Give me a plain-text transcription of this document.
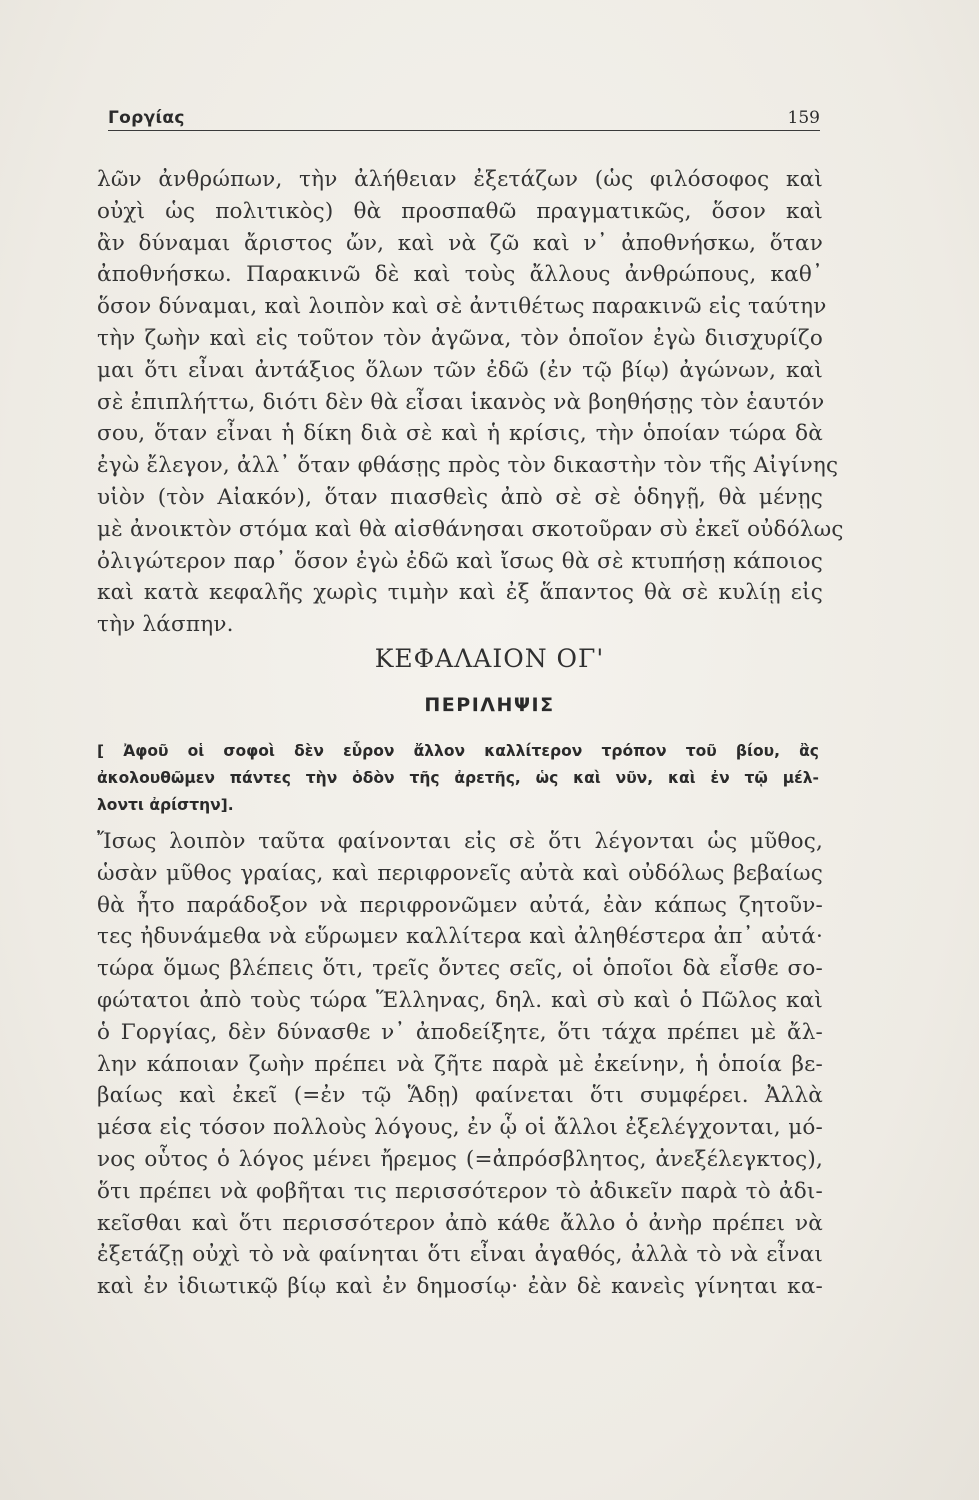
Γοργίας	159
λῶν ἀνθρώπων, τὴν ἀλήθειαν ἐξετάζων (ὡς φιλόσοφος καὶ
οὐχὶ ὡς πολιτικὸς) θὰ προσπαθῶ πραγματικῶς, ὅσον καὶ
ἂν δύναμαι ἄριστος ὤν, καὶ νὰ ζῶ καὶ ν᾽ ἀποθνήσκω, ὅταν
ἀποθνήσκω. Παρακινῶ δὲ καὶ τοὺς ἄλλους ἀνθρώπους, καθ᾽
ὅσον δύναμαι, καὶ λοιπὸν καὶ σὲ ἀντιθέτως παρακινῶ εἰς ταύτην
τὴν ζωὴν καὶ εἰς τοῦτον τὸν ἀγῶνα, τὸν ὁποῖον ἐγὼ διισχυρίζο
μαι ὅτι εἶναι ἀντάξιος ὅλων τῶν ἐδῶ (ἐν τῷ βίῳ) ἀγώνων, καὶ
σὲ ἐπιπλήττω, διότι δὲν θὰ εἶσαι ἱκανὸς νὰ βοηθήσῃς τὸν ἑαυτόν
σου, ὅταν εἶναι ἡ δίκη διὰ σὲ καὶ ἡ κρίσις, τὴν ὁποίαν τώρα δὰ
ἐγὼ ἔλεγον, ἀλλ᾽ ὅταν φθάσῃς πρὸς τὸν δικαστὴν τὸν τῆς Αἰγίνης
υἱὸν (τὸν Αἰακόν), ὅταν πιασθεὶς ἀπὸ σὲ σὲ ὁδηγῇ, θὰ μένῃς
μὲ ἀνοικτὸν στόμα καὶ θὰ αἰσθάνησαι σκοτοῦραν σὺ ἐκεῖ οὐδόλως
ὀλιγώτερον παρ᾽ ὅσον ἐγὼ ἐδῶ καὶ ἴσως θὰ σὲ κτυπήσῃ κάποιος
καὶ κατὰ κεφαλῆς χωρὶς τιμὴν καὶ ἐξ ἅπαντος θὰ σὲ κυλίῃ εἰς
τὴν λάσπην.
ΚΕΦΑΛΑΙΟΝ ΟΓ'
ΠΕΡΙΛΗΨΙΣ
[ Ἀφοῦ οἱ σοφοὶ δὲν εὗρον ἄλλον καλλίτερον τρόπον τοῦ βίου, ἂς
ἀκολουθῶμεν πάντες τὴν ὁδὸν τῆς ἀρετῆς, ὡς καὶ νῦν, καὶ ἐν τῷ μέλ-
λοντι ἀρίστην].
Ἴσως λοιπὸν ταῦτα φαίνονται εἰς σὲ ὅτι λέγονται ὡς μῦθος,
ὡσὰν μῦθος γραίας, καὶ περιφρονεῖς αὐτὰ καὶ οὐδόλως βεβαίως
θὰ ἦτο παράδοξον νὰ περιφρονῶμεν αὐτά, ἐὰν κάπως ζητοῦν-
τες ἠδυνάμεθα νὰ εὕρωμεν καλλίτερα καὶ ἀληθέστερα ἀπ᾽ αὐτά·
τώρα ὅμως βλέπεις ὅτι, τρεῖς ὄντες σεῖς, οἱ ὁποῖοι δὰ εἶσθε σο-
φώτατοι ἀπὸ τοὺς τώρα Ἕλληνας, δηλ. καὶ σὺ καὶ ὁ Πῶλος καὶ
ὁ Γοργίας, δὲν δύνασθε ν᾽ ἀποδείξητε, ὅτι τάχα πρέπει μὲ ἄλ-
λην κάποιαν ζωὴν πρέπει νὰ ζῆτε παρὰ μὲ ἐκείνην, ἡ ὁποία βε-
βαίως καὶ ἐκεῖ (=ἐν τῷ Ἅδῃ) φαίνεται ὅτι συμφέρει. Ἀλλὰ
μέσα εἰς τόσον πολλοὺς λόγους, ἐν ᾧ οἱ ἄλλοι ἐξελέγχονται, μό-
νος οὗτος ὁ λόγος μένει ἤρεμος (=ἀπρόσβλητος, ἀνεξέλεγκτος),
ὅτι πρέπει νὰ φοβῆται τις περισσότερον τὸ ἀδικεῖν παρὰ τὸ ἀδι-
κεῖσθαι καὶ ὅτι περισσότερον ἀπὸ κάθε ἄλλο ὁ ἀνὴρ πρέπει νὰ
ἐξετάζῃ οὐχὶ τὸ νὰ φαίνηται ὅτι εἶναι ἀγαθός, ἀλλὰ τὸ νὰ εἶναι
καὶ ἐν ἰδιωτικῷ βίῳ καὶ ἐν δημοσίῳ· ἐὰν δὲ κανεὶς γίνηται κα-
